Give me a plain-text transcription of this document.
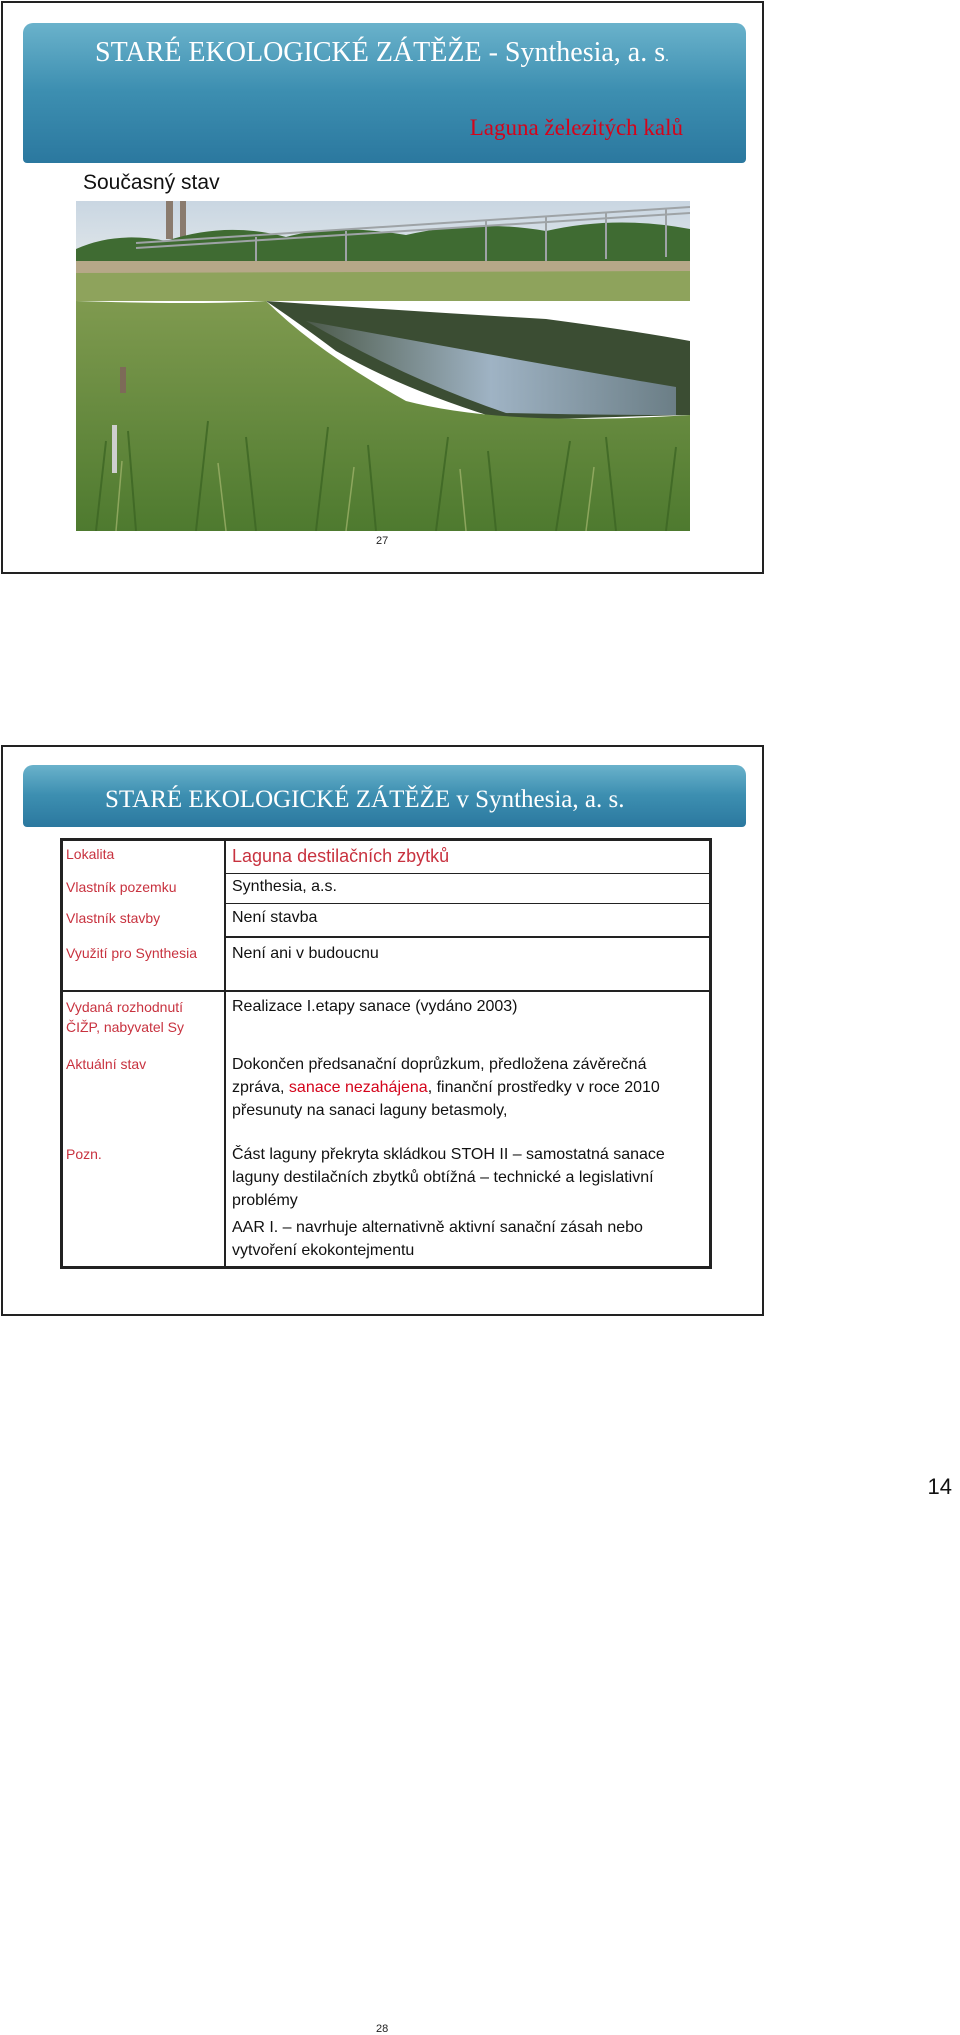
STARÉ EKOLOGICKÉ ZÁTĚŽE - Synthesia, a. s.
Laguna železitých kalů
Současný stav
27
STARÉ EKOLOGICKÉ ZÁTĚŽE v Synthesia, a. s.
28
Lokalita
Vlastník pozemku
Vlastník stavby
Využití pro Synthesia
Vydaná rozhodnutí
ČIŽP, nabyvatel Sy
Aktuální stav
Pozn.
Laguna destilačních zbytků
Synthesia, a.s.
Není stavba
Není ani v budoucnu
Realizace I.etapy sanace (vydáno 2003)
Dokončen předsanační doprůzkum, předložena závěrečná
zpráva, sanace nezahájena, finanční prostředky v roce 2010
přesunuty na sanaci laguny betasmoly,
Část laguny překryta skládkou STOH II – samostatná sanace
laguny destilačních zbytků obtížná – technické a legislativní
problémy
AAR I. – navrhuje alternativně aktivní sanační zásah nebo
vytvoření ekokontejmentu
14
